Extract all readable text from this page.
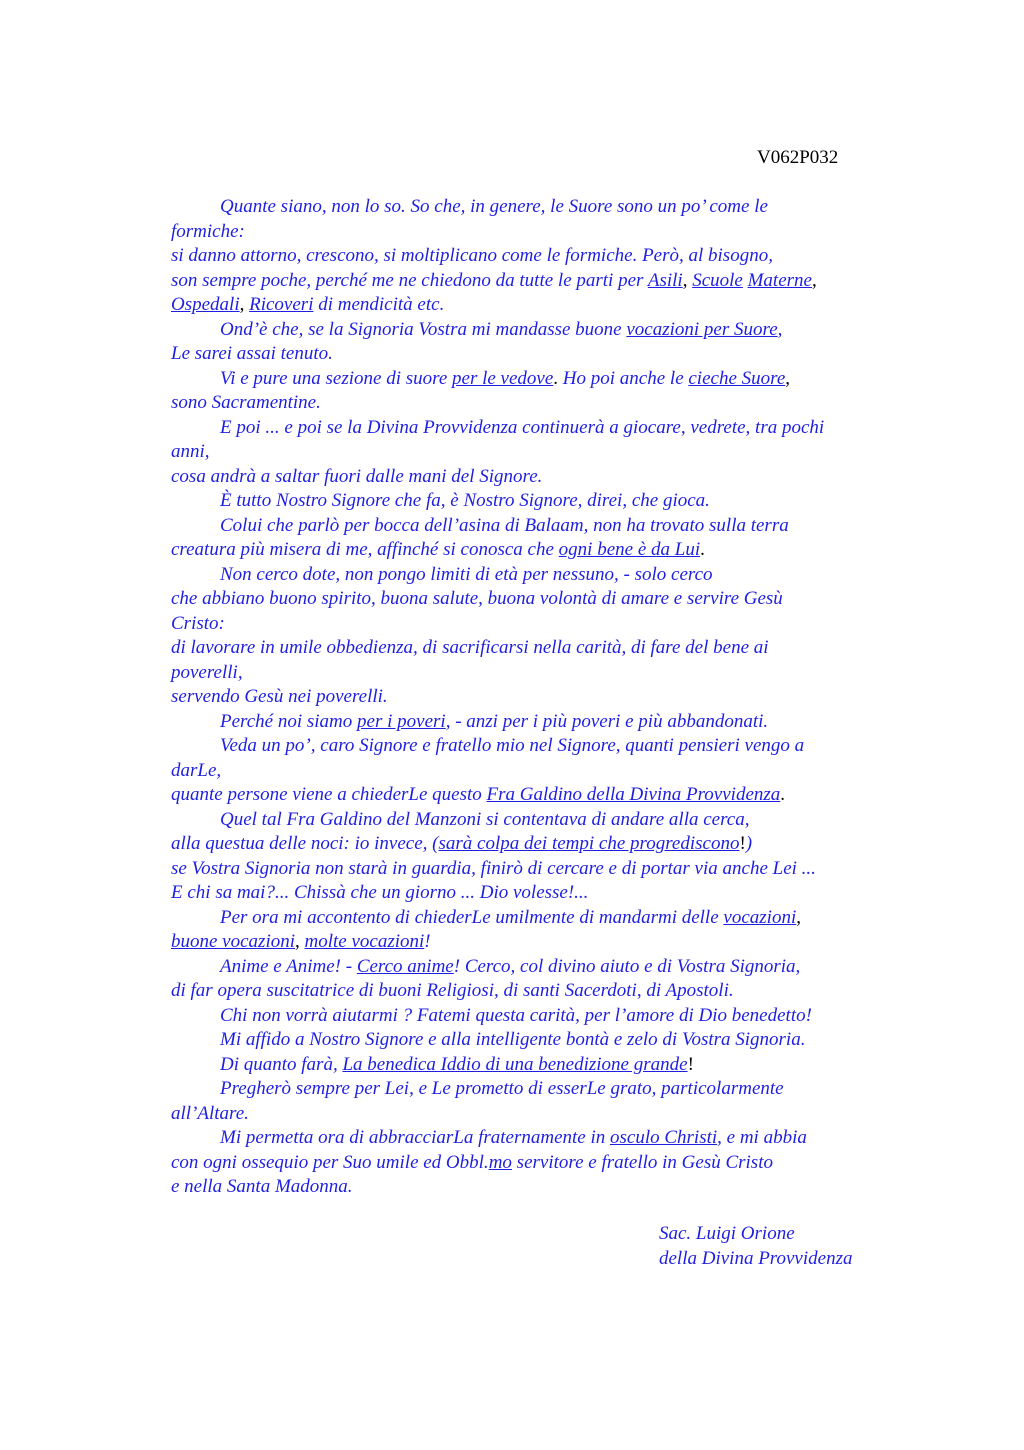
V062P032
Quante siano, non lo so. So che, in genere, le Suore sono un po’ come le
formiche:
si danno attorno, crescono, si moltiplicano come le formiche. Però, al bisogno,
son sempre poche, perché me ne chiedono da tutte le parti per Asili, Scuole Materne,
Ospedali, Ricoveri di mendicità etc.
Ond’è che, se la Signoria Vostra mi mandasse buone vocazioni per Suore,
Le sarei assai tenuto.
Vi e pure una sezione di suore per le vedove. Ho poi anche le cieche Suore,
sono Sacramentine.
E poi ... e poi se la Divina Provvidenza continuerà a giocare, vedrete, tra pochi
anni,
cosa andrà a saltar fuori dalle mani del Signore.
È tutto Nostro Signore che fa, è Nostro Signore, direi, che gioca.
Colui che parlò per bocca dell’asina di Balaam, non ha trovato sulla terra
creatura più misera di me, affinché si conosca che ogni bene è da Lui.
Non cerco dote, non pongo limiti di età per nessuno, - solo cerco
che abbiano buono spirito, buona salute, buona volontà di amare e servire Gesù
Cristo:
di lavorare in umile obbedienza, di sacrificarsi nella carità, di fare del bene ai
poverelli,
servendo Gesù nei poverelli.
Perché noi siamo per i poveri, - anzi per i più poveri e più abbandonati.
Veda un po’, caro Signore e fratello mio nel Signore, quanti pensieri vengo a
darLe,
quante persone viene a chiederLe questo Fra Galdino della Divina Provvidenza.
Quel tal Fra Galdino del Manzoni si contentava di andare alla cerca,
alla questua delle noci: io invece, (sarà colpa dei tempi che progrediscono!)
se Vostra Signoria non starà in guardia, finirò di cercare e di portar via anche Lei ...
E chi sa mai?... Chissà che un giorno ... Dio volesse!...
Per ora mi accontento di chiederLe umilmente di mandarmi delle vocazioni,
buone vocazioni, molte vocazioni!
Anime e Anime! - Cerco anime! Cerco, col divino aiuto e di Vostra Signoria,
di far opera suscitatrice di buoni Religiosi, di santi Sacerdoti, di Apostoli.
Chi non vorrà aiutarmi ? Fatemi questa carità, per l’amore di Dio benedetto!
Mi affido a Nostro Signore e alla intelligente bontà e zelo di Vostra Signoria.
Di quanto farà, La benedica Iddio di una benedizione grande!
Pregherò sempre per Lei, e Le prometto di esserLe grato, particolarmente
all’Altare.
Mi permetta ora di abbracciarLa fraternamente in osculo Christi, e mi abbia
con ogni ossequio per Suo umile ed Obbl.mo servitore e fratello in Gesù Cristo
e nella Santa Madonna.
Sac. Luigi Orione
della Divina Provvidenza
